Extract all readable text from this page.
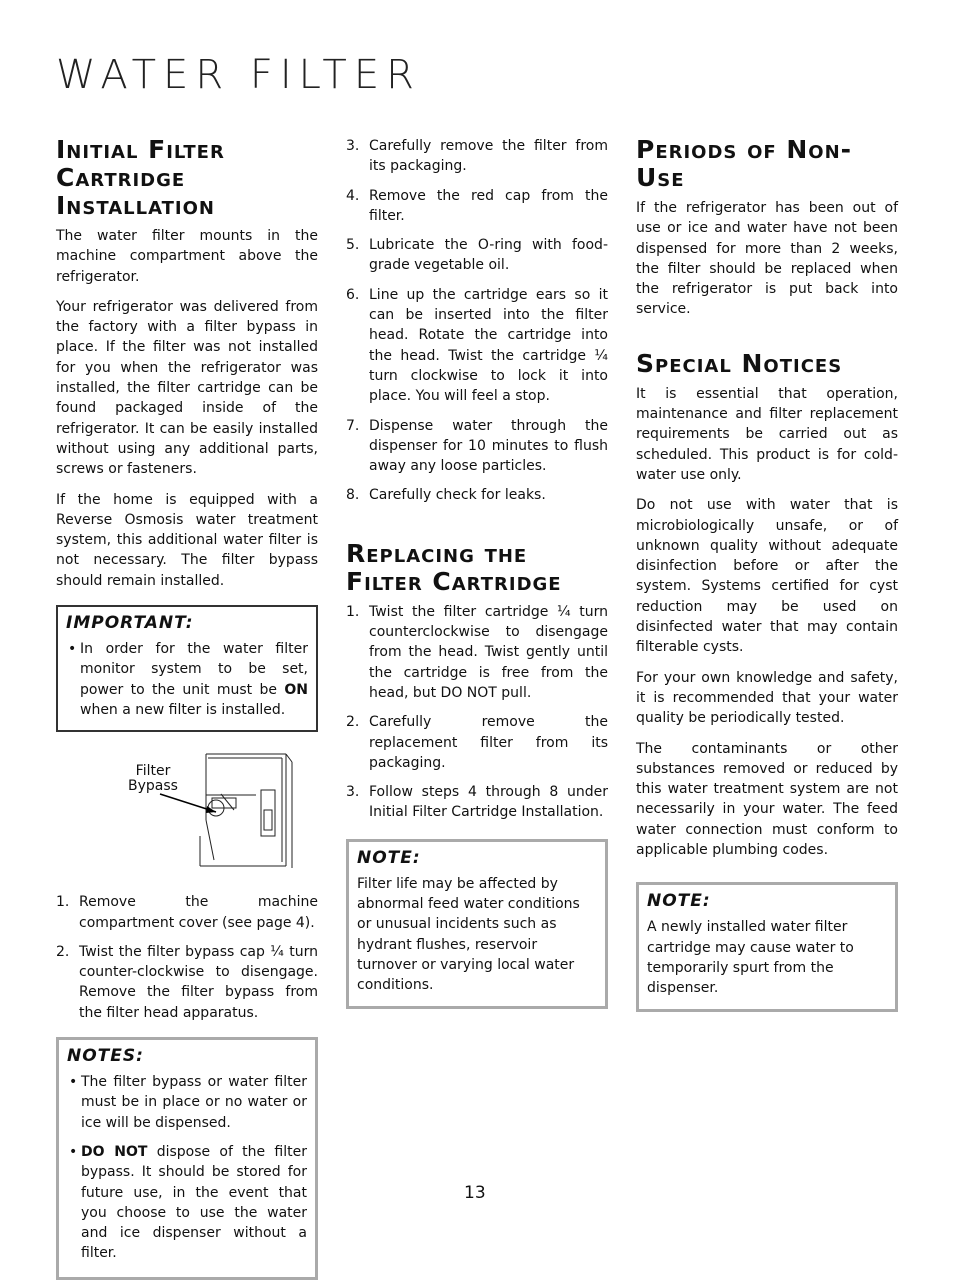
WATER FILTER
Initial Filter Cartridge Installation

The water filter mounts in the machine compartment above the refrigerator.

Your refrigerator was delivered from the factory with a filter bypass in place. If the filter was not installed for you when the refrigerator was installed, the filter cartridge can be found packaged inside of the refrigerator. It can be easily installed without using any additional parts, screws or fasteners.

If the home is equipped with a Reverse Osmosis water treatment system, this additional water filter is not necessary. The filter bypass should remain installed.

IMPORTANT:
• In order for the water filter monitor system to be set, power to the unit must be ON when a new filter is installed.
Filter Bypass
1. Remove the machine compartment cover (see page 4).
2. Twist the filter bypass cap ¼ turn counter-clockwise to disengage. Remove the filter bypass from the filter head apparatus.
NOTES:
• The filter bypass or water filter must be in place or no water or ice will be dispensed.
• DO NOT dispose of the filter bypass. It should be stored for future use, in the event that you choose to use the water and ice dispenser without a filter.
3. Carefully remove the filter from its packaging.
4. Remove the red cap from the filter.
5. Lubricate the O-ring with food-grade vegetable oil.
6. Line up the cartridge ears so it can be inserted into the filter head. Rotate the cartridge into the head. Twist the cartridge ¼ turn clockwise to lock it into place. You will feel a stop.
7. Dispense water through the dispenser for 10 minutes to flush away any loose particles.
8. Carefully check for leaks.
Replacing the Filter Cartridge
1. Twist the filter cartridge ¼ turn counterclockwise to disengage from the head. Twist gently until the cartridge is free from the head, but DO NOT pull.
2. Carefully remove the replacement filter from its packaging.
3. Follow steps 4 through 8 under Initial Filter Cartridge Installation.
NOTE:

Filter life may be affected by abnormal feed water conditions or unusual incidents such as hydrant flushes, reservoir turnover or varying local water conditions.

Periods of Non-Use

If the refrigerator has been out of use or ice and water have not been dispensed for more than 2 weeks, the filter should be replaced when the refrigerator is put back into service.

Special Notices

It is essential that operation, maintenance and filter replacement requirements be carried out as scheduled. This product is for cold-water use only.

Do not use with water that is microbiologically unsafe, or of unknown quality without adequate disinfection before or after the system. Systems certified for cyst reduction may be used on disinfected water that may contain filterable cysts.

For your own knowledge and safety, it is recommended that your water quality be periodically tested.

The contaminants or other substances removed or reduced by this water treatment system are not necessarily in your water. The feed water connection must conform to applicable plumbing codes.

NOTE:

A newly installed water filter cartridge may cause water to temporarily spurt from the dispenser.

13
